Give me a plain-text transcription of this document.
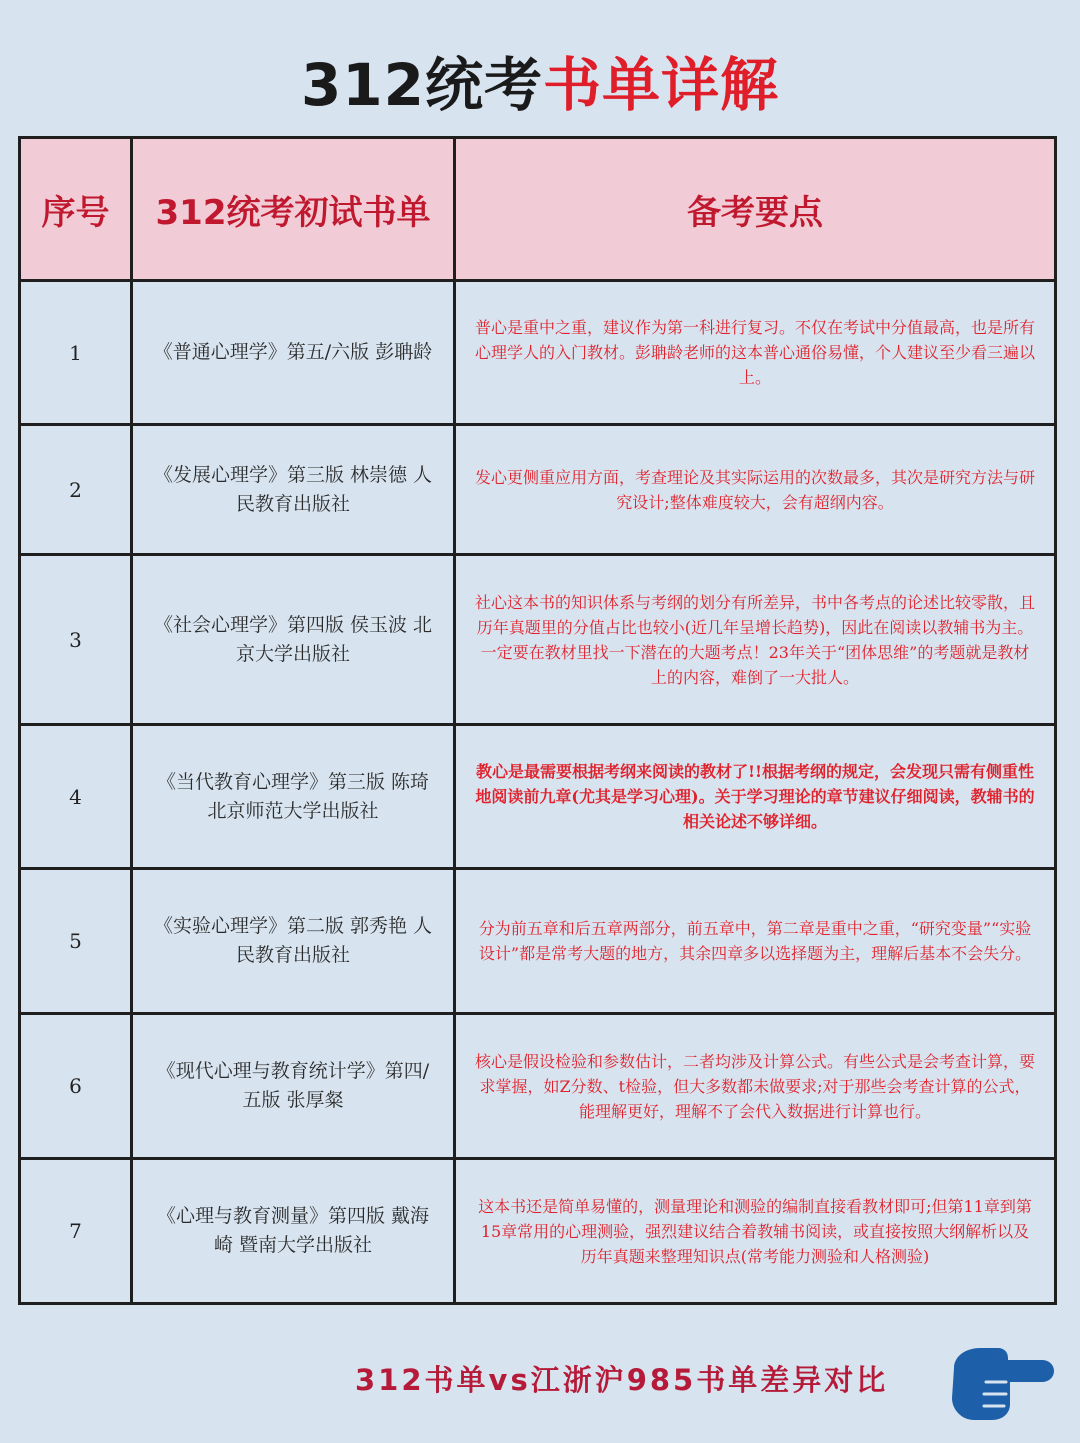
312统考书单详解
序号	312统考初试书单	备考要点
1	《普通心理学》第五/六版 彭聃龄	普心是重中之重，建议作为第一科进行复习。不仅在考试中分值最高，也是所有心理学人的入门教材。彭聃龄老师的这本普心通俗易懂，个人建议至少看三遍以上。
2	《发展心理学》第三版 林崇德 人民教育出版社	发心更侧重应用方面，考查理论及其实际运用的次数最多，其次是研究方法与研究设计;整体难度较大，会有超纲内容。
3	《社会心理学》第四版 侯玉波 北京大学出版社	社心这本书的知识体系与考纲的划分有所差异，书中各考点的论述比较零散，且历年真题里的分值占比也较小(近几年呈增长趋势)，因此在阅读以教辅书为主。一定要在教材里找一下潜在的大题考点！23年关于“团体思维”的考题就是教材上的内容，难倒了一大批人。
4	《当代教育心理学》第三版 陈琦 北京师范大学出版社	教心是最需要根据考纲来阅读的教材了!!根据考纲的规定，会发现只需有侧重性地阅读前九章(尤其是学习心理)。关于学习理论的章节建议仔细阅读，教辅书的相关论述不够详细。
5	《实验心理学》第二版 郭秀艳 人民教育出版社	分为前五章和后五章两部分，前五章中，第二章是重中之重，“研究变量”“实验设计”都是常考大题的地方，其余四章多以选择题为主，理解后基本不会失分。
6	《现代心理与教育统计学》第四/五版 张厚粲	核心是假设检验和参数估计，二者均涉及计算公式。有些公式是会考查计算，要求掌握，如Z分数、t检验，但大多数都未做要求;对于那些会考查计算的公式，能理解更好，理解不了会代入数据进行计算也行。
7	《心理与教育测量》第四版 戴海崎 暨南大学出版社	这本书还是简单易懂的，测量理论和测验的编制直接看教材即可;但第11章到第15章常用的心理测验，强烈建议结合着教辅书阅读，或直接按照大纲解析以及历年真题来整理知识点(常考能力测验和人格测验)
312书单vs江浙沪985书单差异对比
